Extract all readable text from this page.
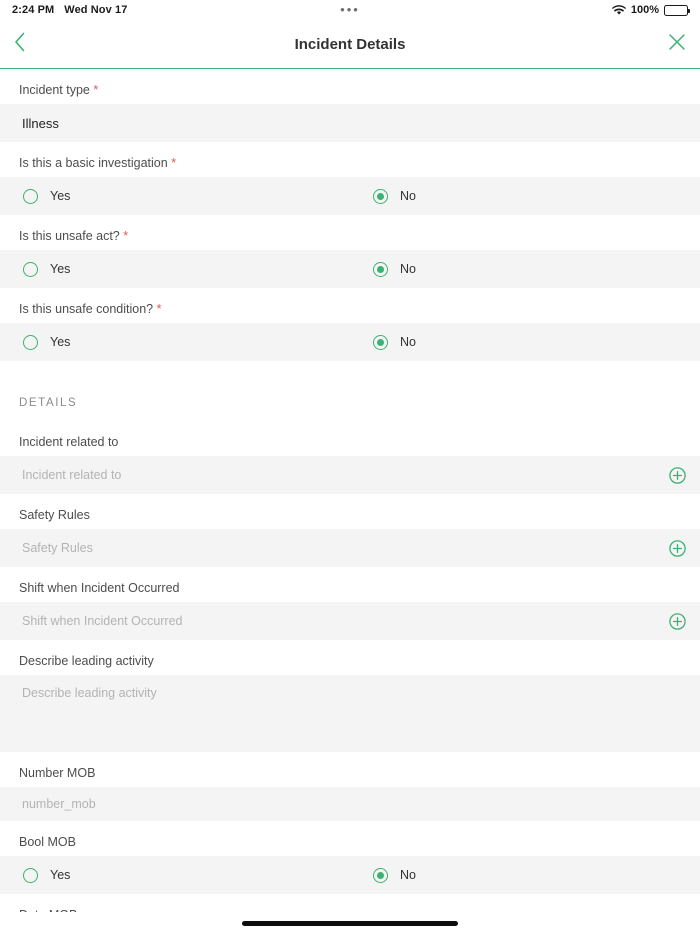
2:24 PM Wed Nov 17	•••	100%
Incident Details
Incident type *
Illness
Is this a basic investigation *
Yes	No
Is this unsafe act? *
Yes	No
Is this unsafe condition? *
Yes	No
DETAILS
Incident related to
Incident related to
Safety Rules
Safety Rules
Shift when Incident Occurred
Shift when Incident Occurred
Describe leading activity
Describe leading activity
Number MOB
number_mob
Bool MOB
Yes	No
